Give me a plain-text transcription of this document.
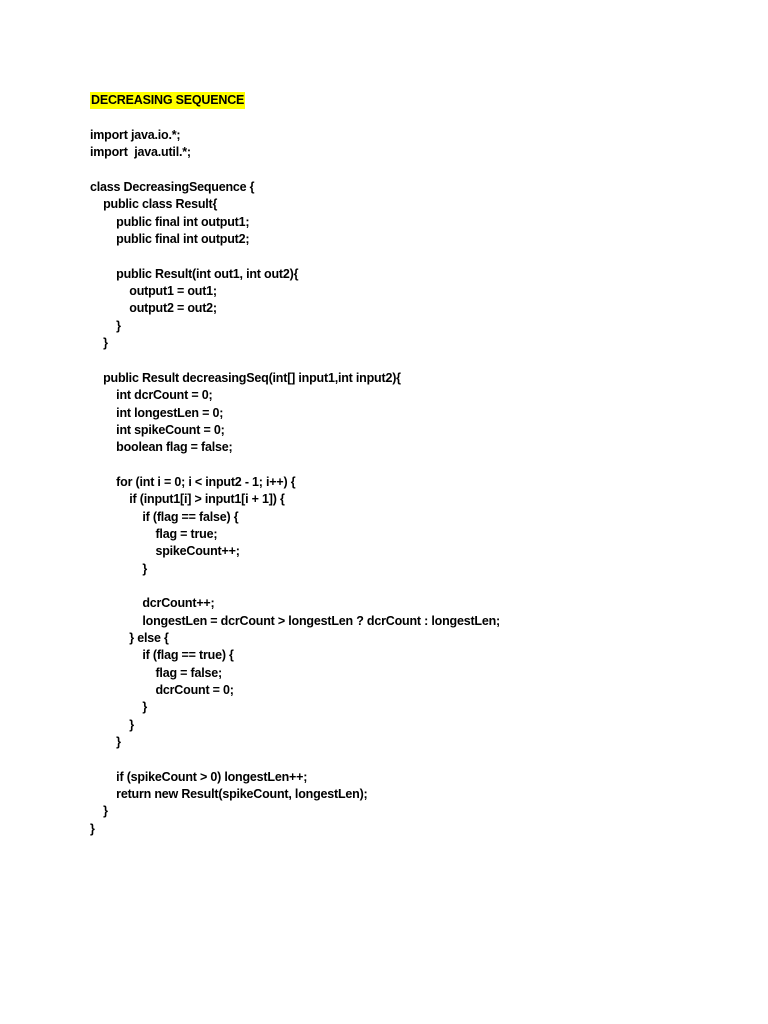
DECREASING SEQUENCE
import java.io.*;
import  java.util.*;
class DecreasingSequence {
public class Result{
public final int output1;
public final int output2;
public Result(int out1, int out2){
output1 = out1;
output2 = out2;
}
}
public Result decreasingSeq(int[] input1,int input2){
int dcrCount = 0;
int longestLen = 0;
int spikeCount = 0;
boolean flag = false;
for (int i = 0; i < input2 - 1; i++) {
if (input1[i] > input1[i + 1]) {
if (flag == false) {
flag = true;
spikeCount++;
}
dcrCount++;
longestLen = dcrCount > longestLen ? dcrCount : longestLen;
} else {
if (flag == true) {
flag = false;
dcrCount = 0;
}
}
}
if (spikeCount > 0) longestLen++;
return new Result(spikeCount, longestLen);
}
}
